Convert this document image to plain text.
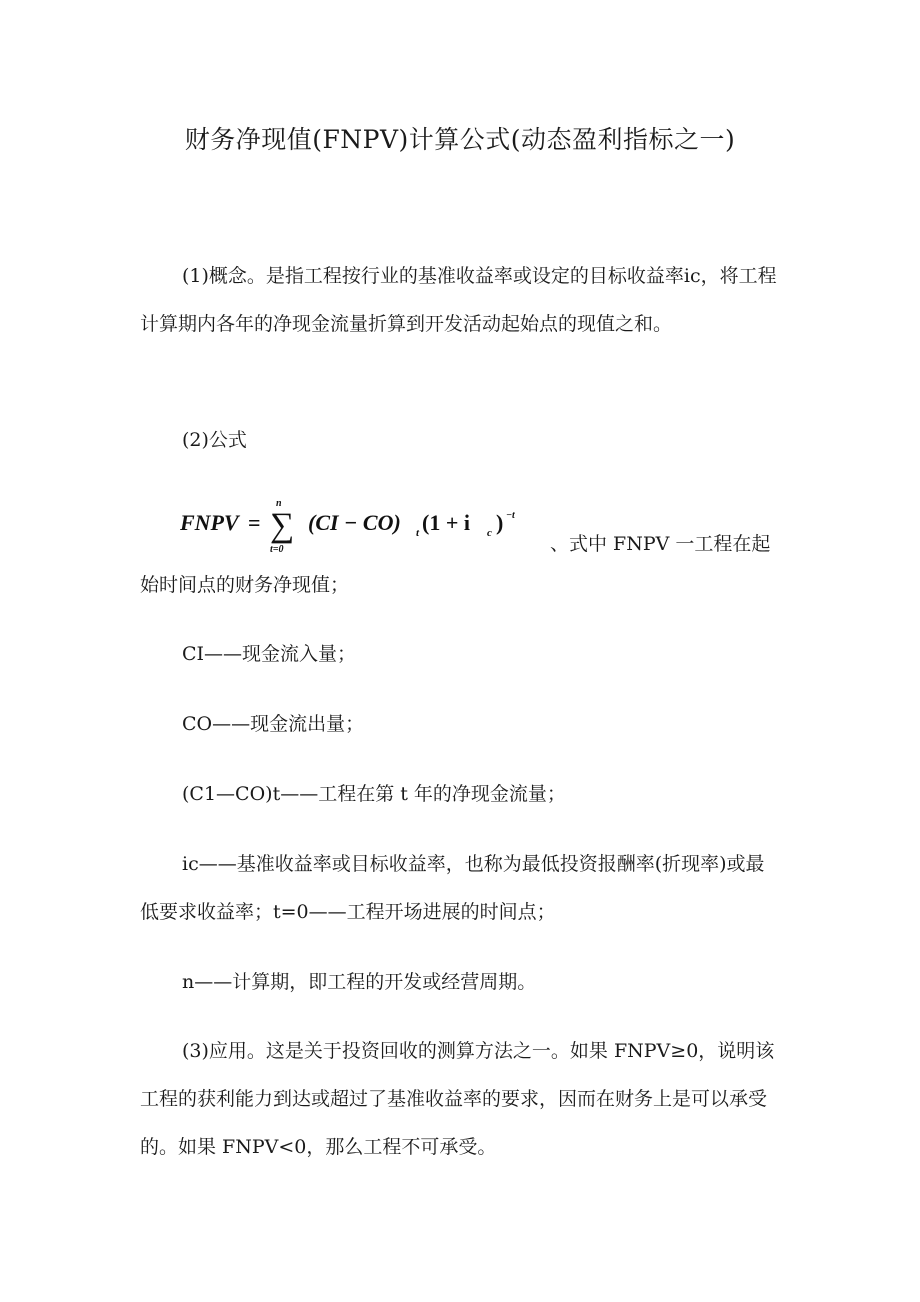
财务净现值(FNPV)计算公式(动态盈利指标之一)

(1)概念。是指工程按行业的基准收益率或设定的目标收益率ic，将工程计算期内各年的净现金流量折算到开发活动起始点的现值之和。

(2)公式

FNPV =
n
∑
t=0
(CI − CO) t (1 + i c ) −t
、式中 FNPV 一工程在起

始时间点的财务净现值；

CI——现金流入量；

CO——现金流出量；

(C1—CO)t——工程在第 t 年的净现金流量；

ic——基准收益率或目标收益率，也称为最低投资报酬率(折现率)或最低要求收益率；t=0——工程开场进展的时间点；

n——计算期，即工程的开发或经营周期。

(3)应用。这是关于投资回收的测算方法之一。如果 FNPV≥0，说明该工程的获利能力到达或超过了基准收益率的要求，因而在财务上是可以承受的。如果 FNPV<0，那么工程不可承受。
